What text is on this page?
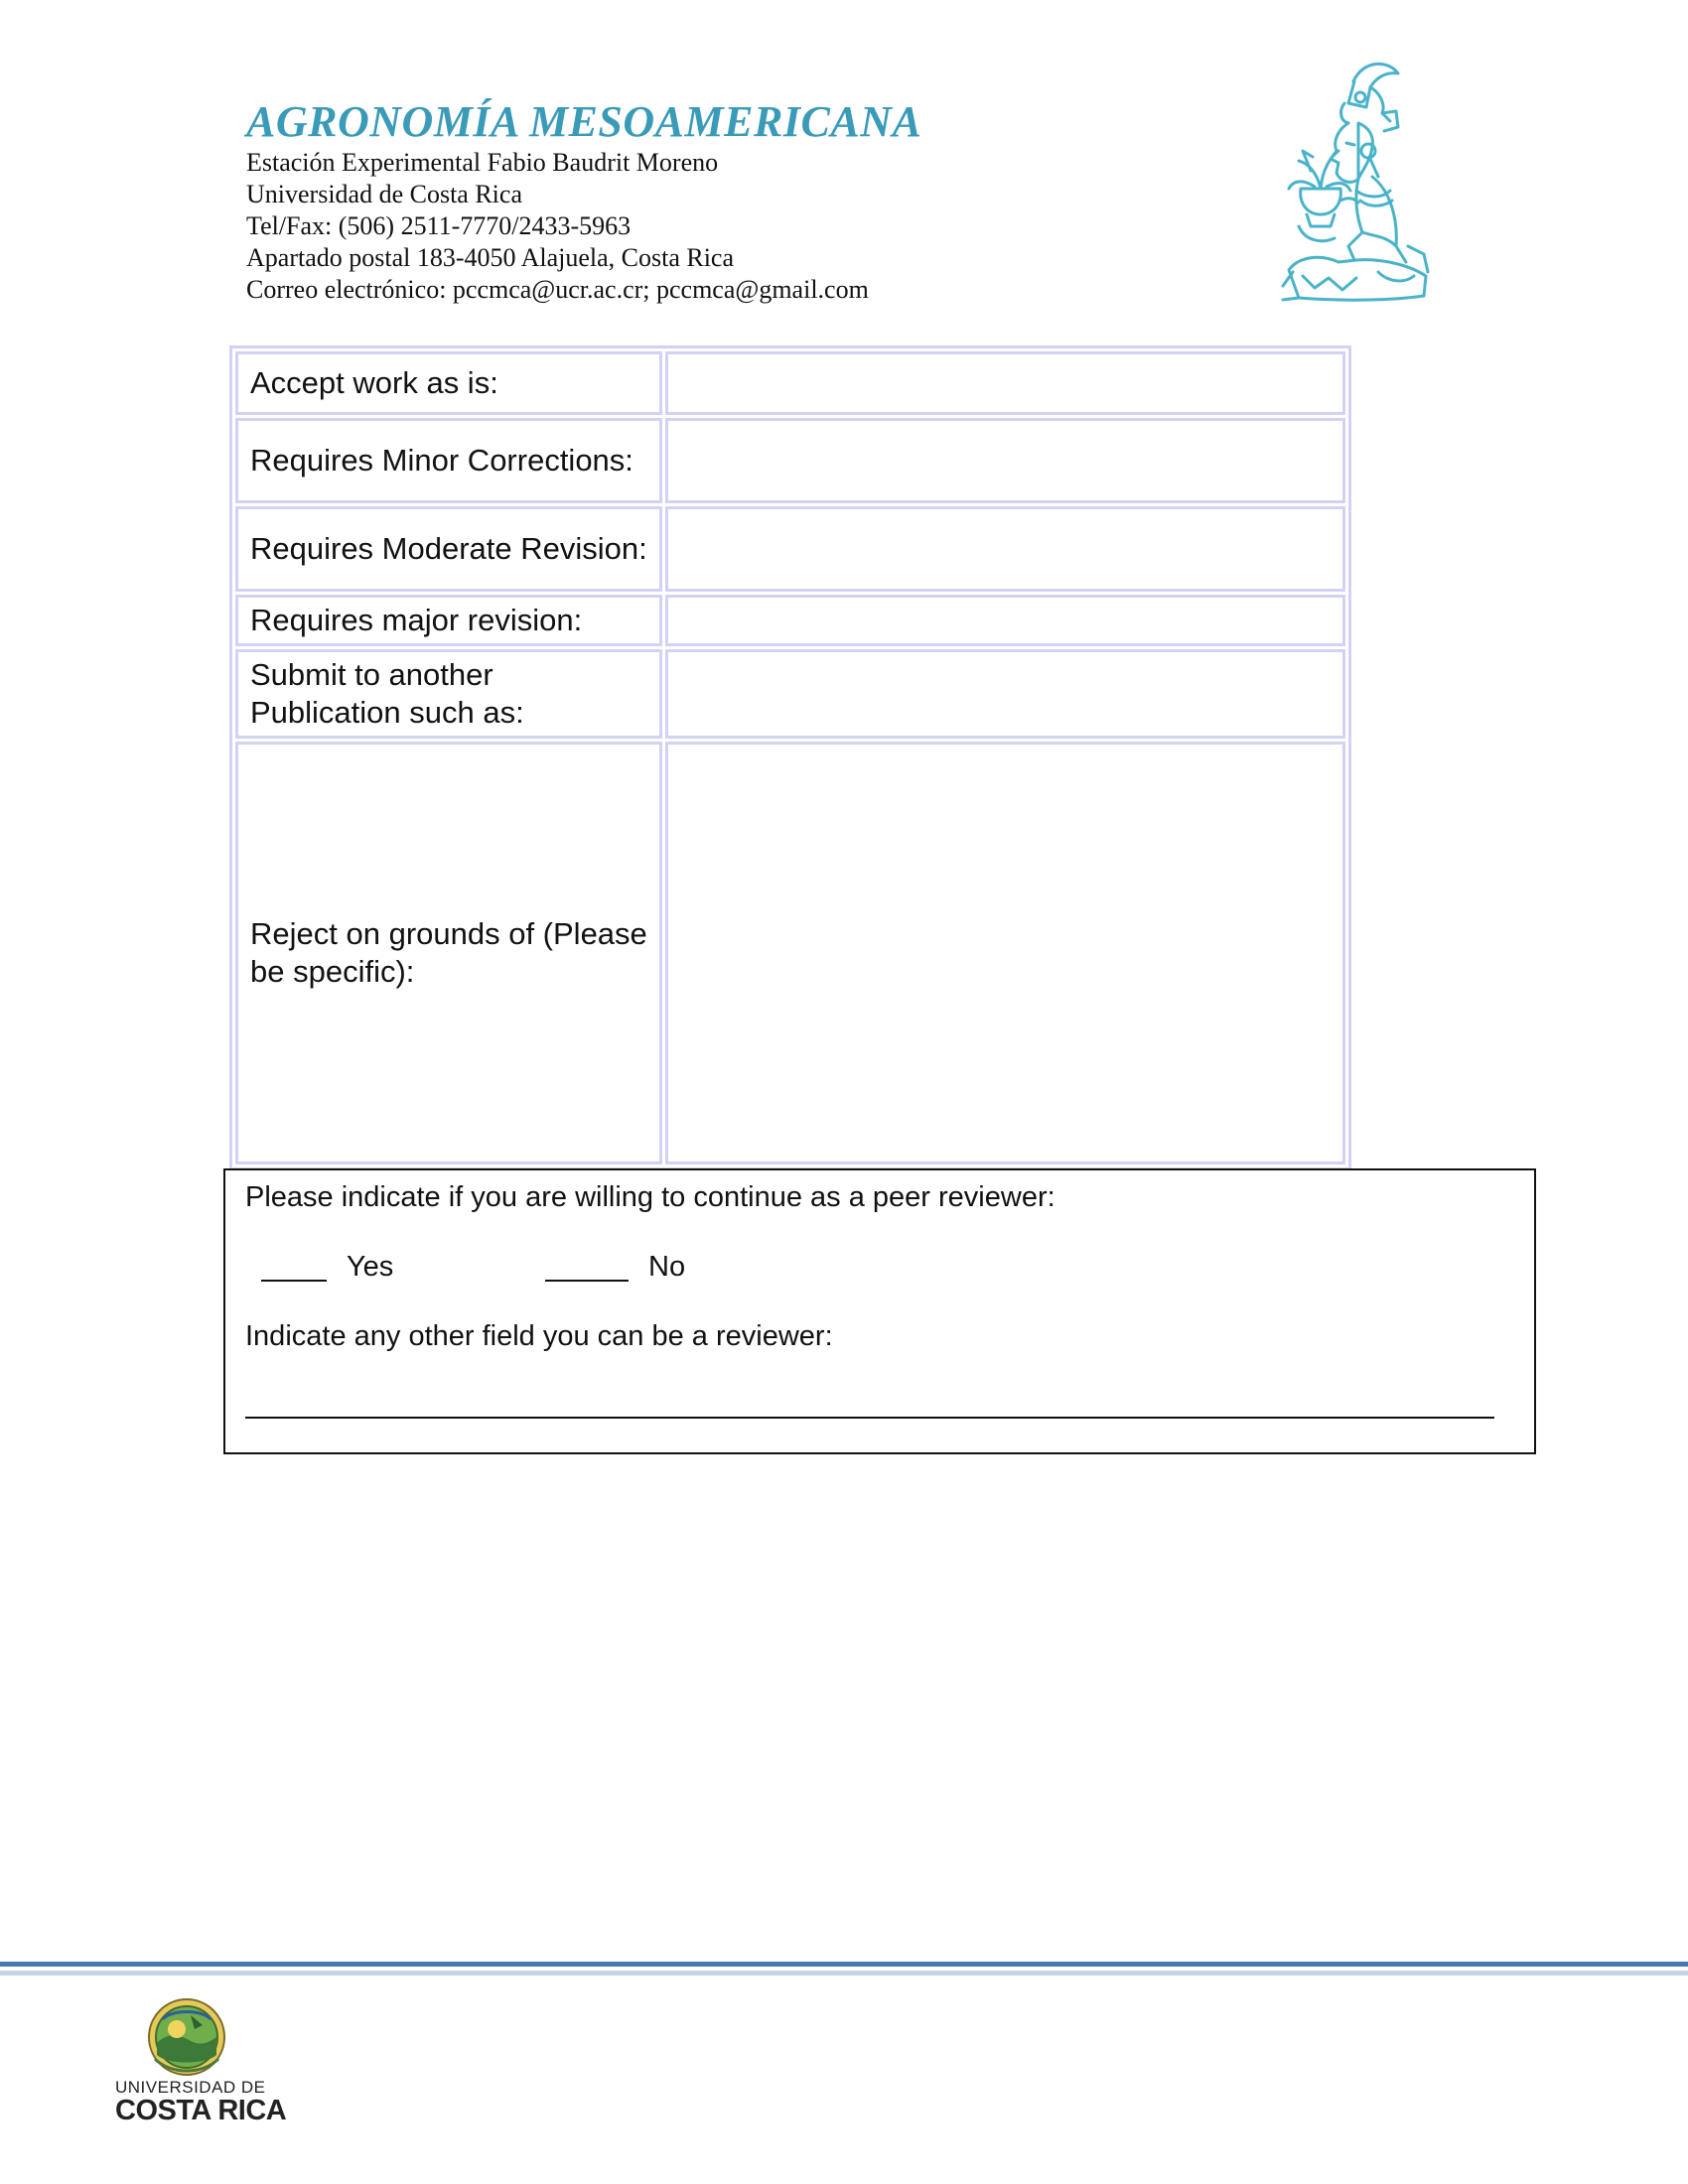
AGRONOMÍA MESOAMERICANA
Estación Experimental Fabio Baudrit Moreno
Universidad de Costa Rica
Tel/Fax: (506) 2511-7770/2433-5963
Apartado postal 183-4050 Alajuela, Costa Rica
Correo electrónico: pccmca@ucr.ac.cr; pccmca@gmail.com
Accept work as is:	
Requires Minor Corrections:	
Requires Moderate Revision:	
Requires major revision:	
Submit to another Publication such as:	
Reject on grounds of (Please be specific):	
Please indicate if you are willing to continue as a peer reviewer:
Yes	No
Indicate any other field you can be a reviewer:
UNIVERSIDAD DE
COSTA RICA
